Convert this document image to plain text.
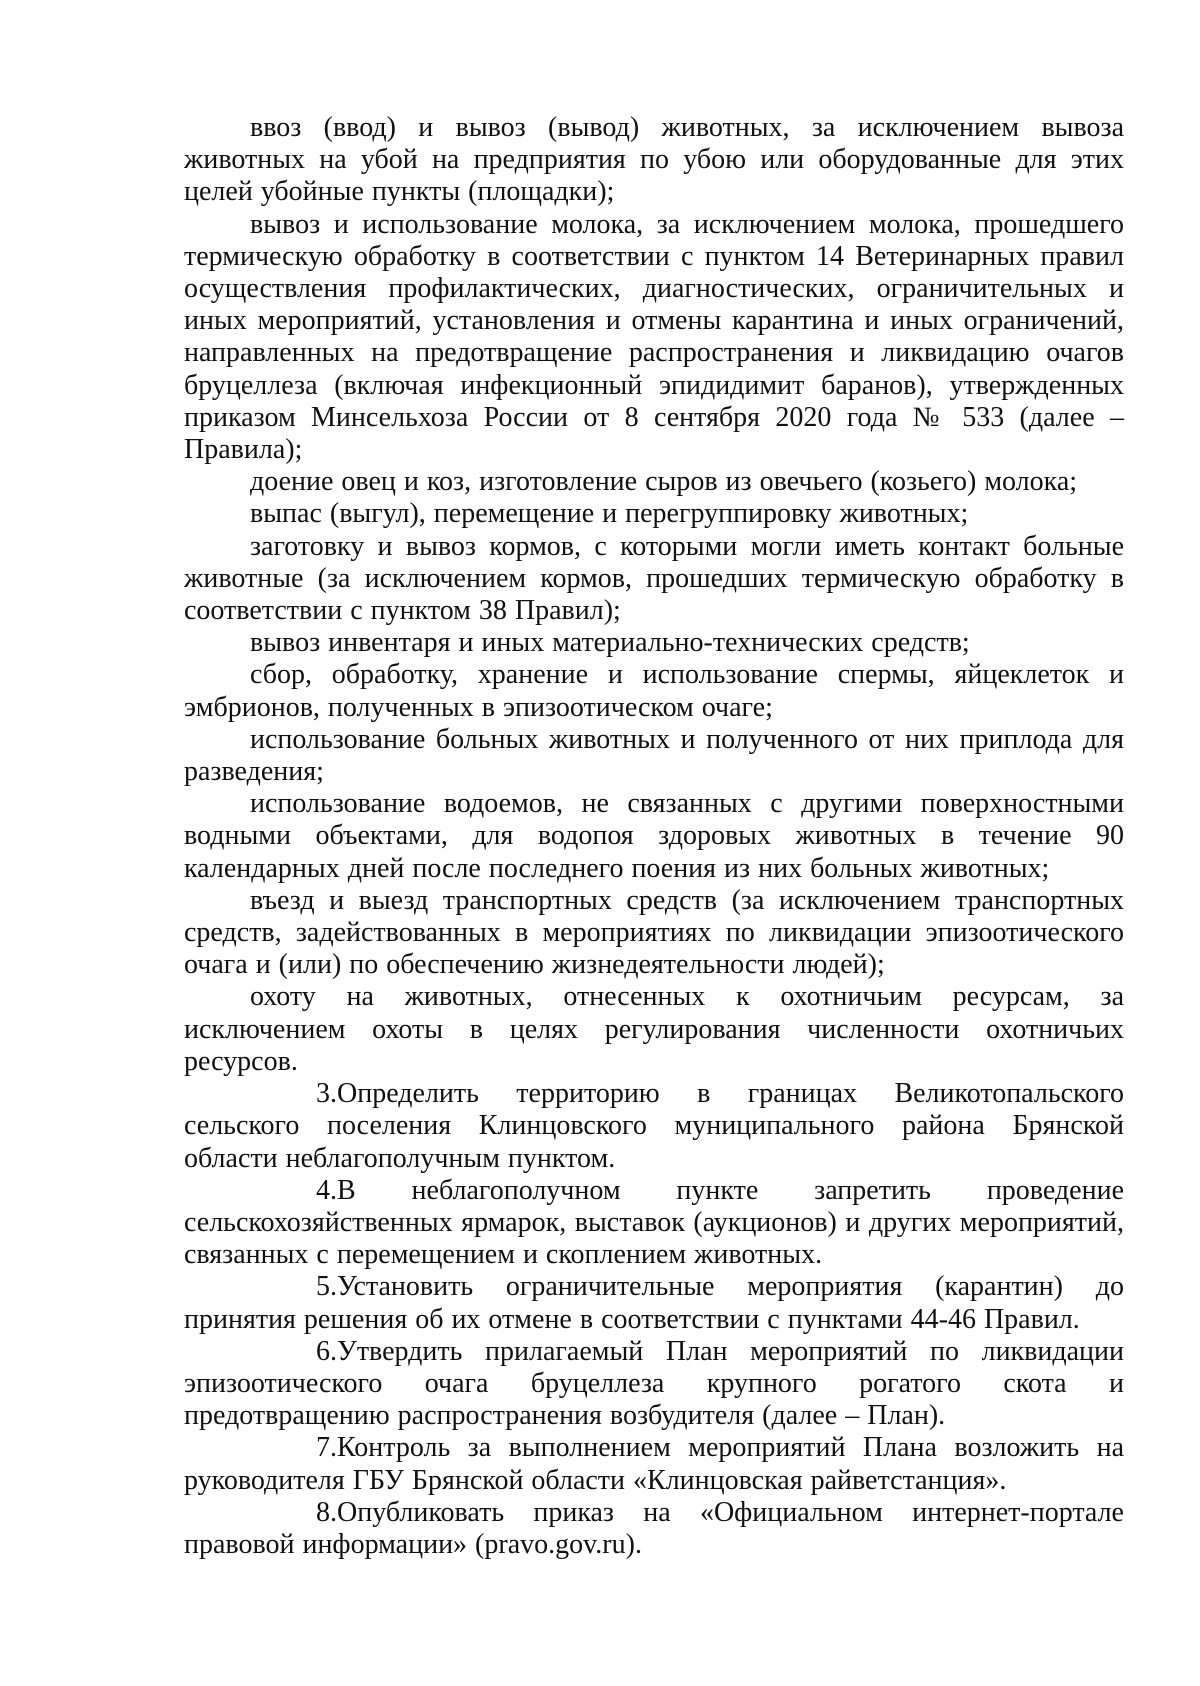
ввоз (ввод) и вывоз (вывод) животных, за исключением вывоза животных на убой на предприятия по убою или оборудованные для этих целей убойные пункты (площадки);

вывоз и использование молока, за исключением молока, прошедшего термическую обработку в соответствии с пунктом 14 Ветеринарных правил осуществления профилактических, диагностических, ограничительных и иных мероприятий, установления и отмены карантина и иных ограничений, направленных на предотвращение распространения и ликвидацию очагов бруцеллеза (включая инфекционный эпидидимит баранов), утвержденных приказом Минсельхоза России от 8 сентября 2020 года № 533 (далее – Правила);

доение овец и коз, изготовление сыров из овечьего (козьего) молока;

выпас (выгул), перемещение и перегруппировку животных;

заготовку и вывоз кормов, с которыми могли иметь контакт больные животные (за исключением кормов, прошедших термическую обработку в соответствии с пунктом 38 Правил);

вывоз инвентаря и иных материально-технических средств;

сбор, обработку, хранение и использование спермы, яйцеклеток и эмбрионов, полученных в эпизоотическом очаге;

использование больных животных и полученного от них приплода для разведения;

использование водоемов, не связанных с другими поверхностными водными объектами, для водопоя здоровых животных в течение 90 календарных дней после последнего поения из них больных животных;

въезд и выезд транспортных средств (за исключением транспортных средств, задействованных в мероприятиях по ликвидации эпизоотического очага и (или) по обеспечению жизнедеятельности людей);

охоту на животных, отнесенных к охотничьим ресурсам, за исключением охоты в целях регулирования численности охотничьих ресурсов.

3.Определить территорию в границах Великотопальского сельского поселения Клинцовского муниципального района Брянской области неблагополучным пунктом.

4.В неблагополучном пункте запретить проведение сельскохозяйственных ярмарок, выставок (аукционов) и других мероприятий, связанных с перемещением и скоплением животных.

5.Установить ограничительные мероприятия (карантин) до принятия решения об их отмене в соответствии с пунктами 44-46 Правил.

6.Утвердить прилагаемый План мероприятий по ликвидации эпизоотического очага бруцеллеза крупного рогатого скота и предотвращению распространения возбудителя (далее – План).

7.Контроль за выполнением мероприятий Плана возложить на руководителя ГБУ Брянской области «Клинцовская райветстанция».

8.Опубликовать приказ на «Официальном интернет-портале правовой информации» (pravo.gov.ru).
